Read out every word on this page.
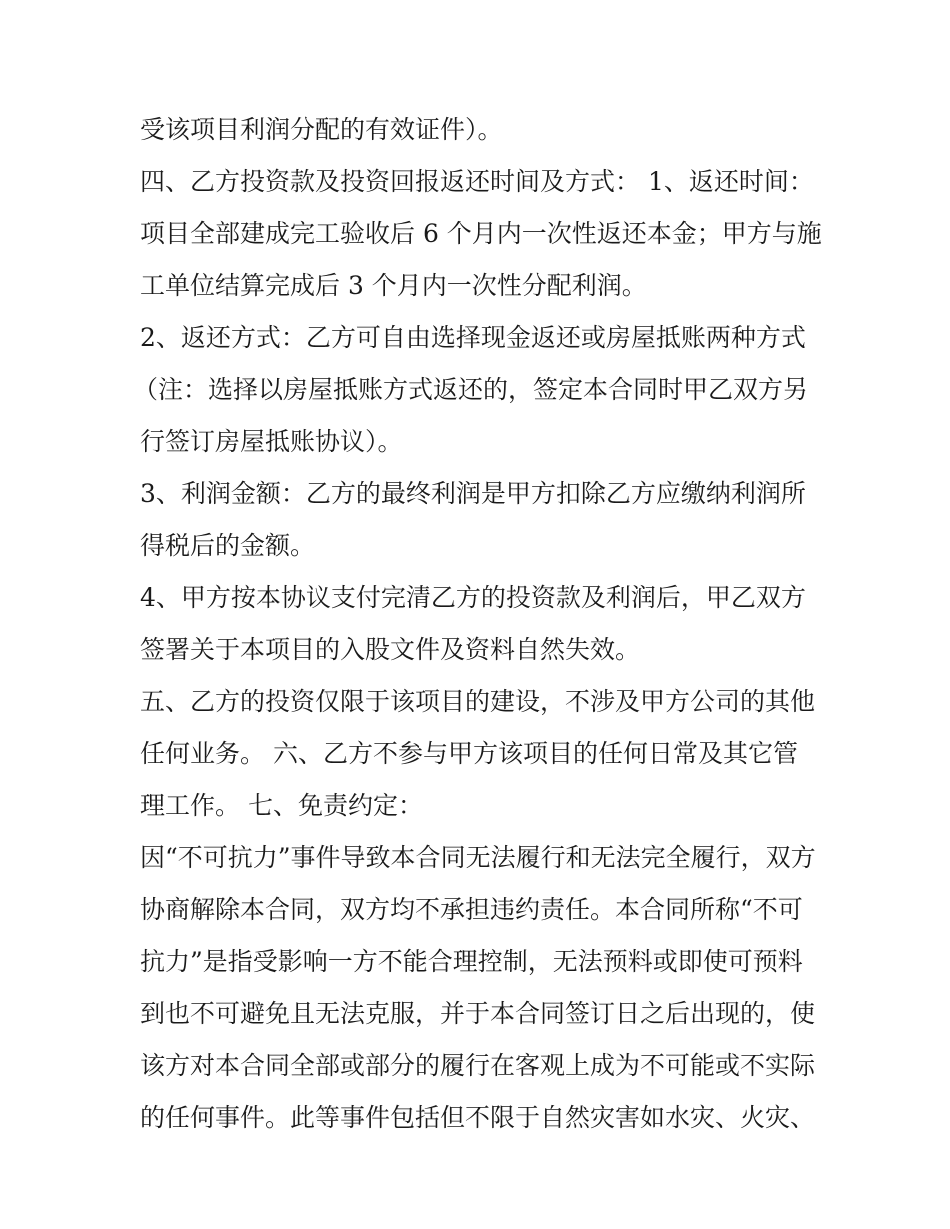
受该项目利润分配的有效证件）。
四、乙方投资款及投资回报返还时间及方式： 1、返还时间：
项目全部建成完工验收后 6 个月内一次性返还本金；甲方与施
工单位结算完成后 3 个月内一次性分配利润。
2、返还方式：乙方可自由选择现金返还或房屋抵账两种方式
（注：选择以房屋抵账方式返还的，签定本合同时甲乙双方另
行签订房屋抵账协议）。
3、利润金额：乙方的最终利润是甲方扣除乙方应缴纳利润所
得税后的金额。
4、甲方按本协议支付完清乙方的投资款及利润后，甲乙双方
签署关于本项目的入股文件及资料自然失效。
五、乙方的投资仅限于该项目的建设，不涉及甲方公司的其他
任何业务。 六、乙方不参与甲方该项目的任何日常及其它管
理工作。 七、免责约定：
因“不可抗力”事件导致本合同无法履行和无法完全履行，双方
协商解除本合同，双方均不承担违约责任。本合同所称“不可
抗力”是指受影响一方不能合理控制，无法预料或即使可预料
到也不可避免且无法克服，并于本合同签订日之后出现的，使
该方对本合同全部或部分的履行在客观上成为不可能或不实际
的任何事件。此等事件包括但不限于自然灾害如水灾、火灾、
